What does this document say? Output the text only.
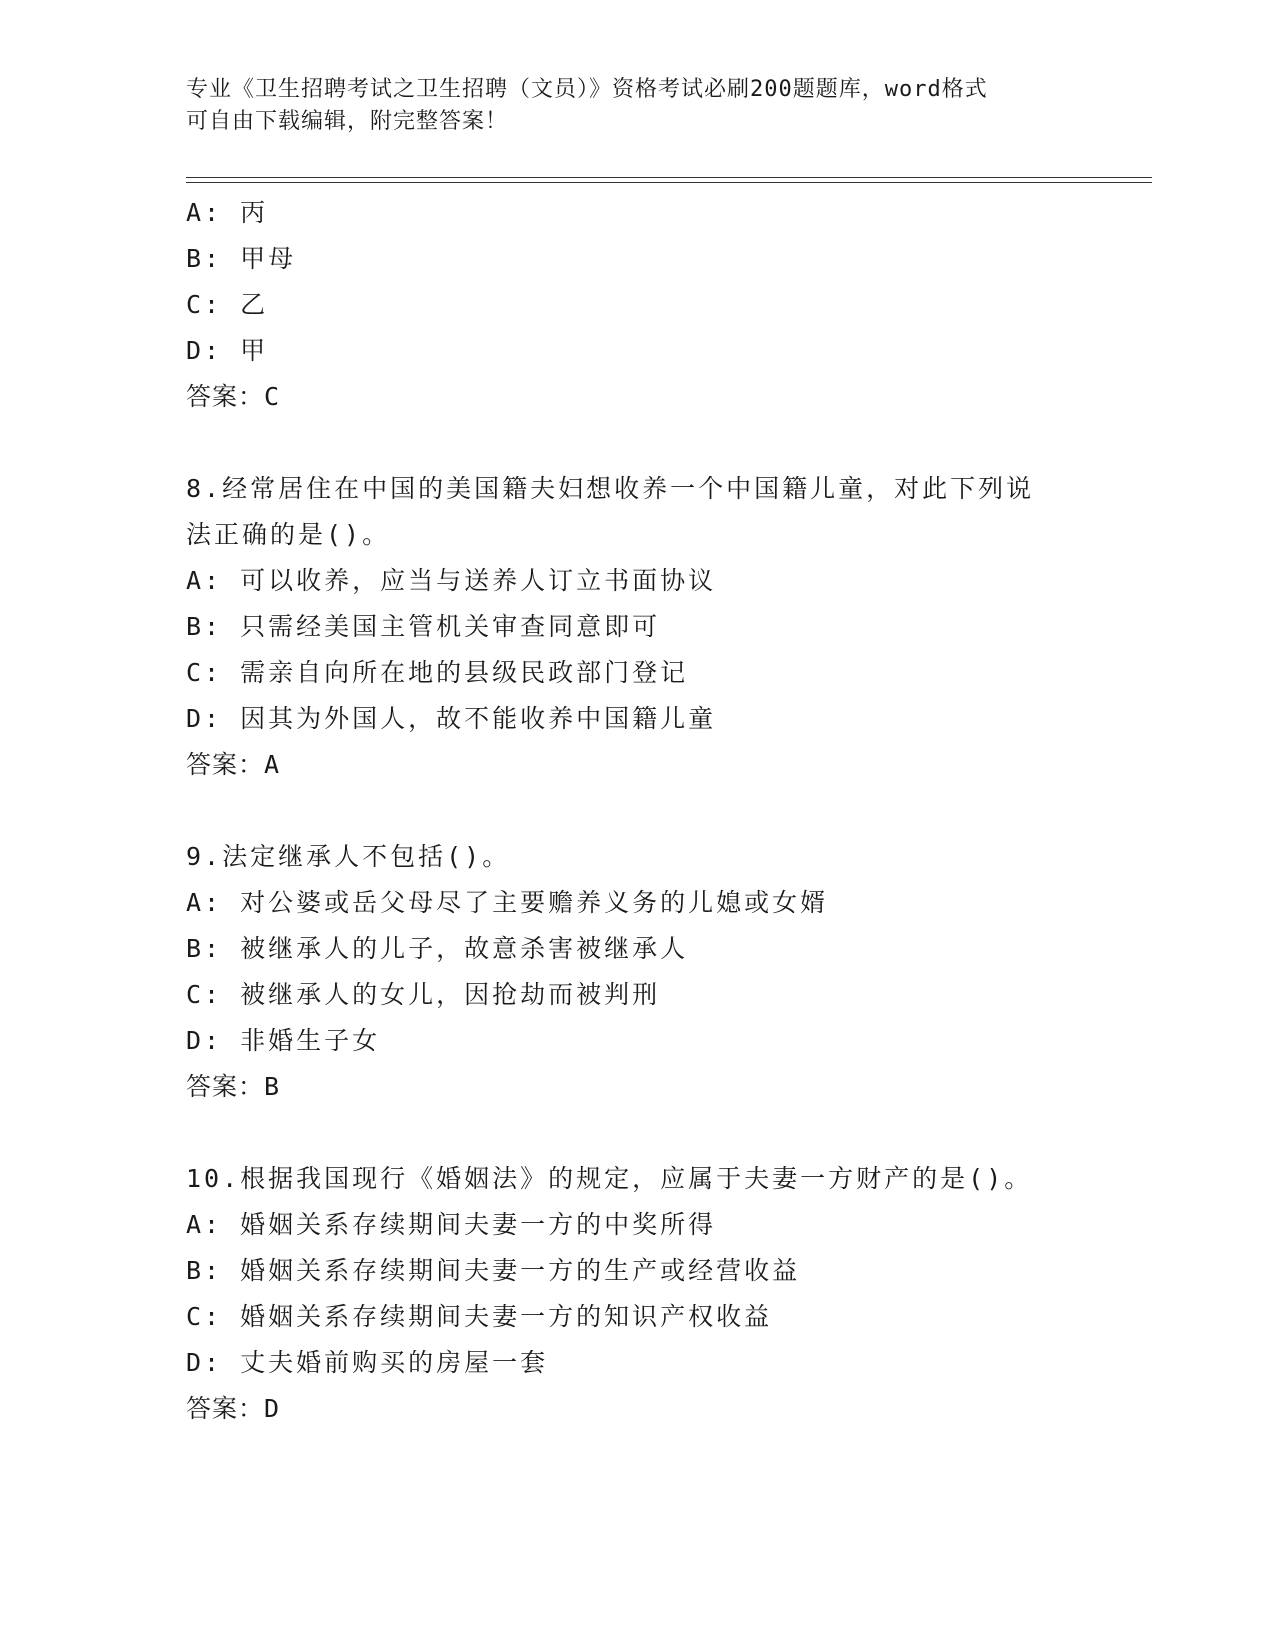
专业《卫生招聘考试之卫生招聘（文员）》资格考试必刷200题题库，word格式
可自由下载编辑，附完整答案！
A: 丙
B: 甲母
C: 乙
D: 甲
答案：C
8.经常居住在中国的美国籍夫妇想收养一个中国籍儿童，对此下列说
法正确的是()。
A: 可以收养，应当与送养人订立书面协议
B: 只需经美国主管机关审查同意即可
C: 需亲自向所在地的县级民政部门登记
D: 因其为外国人，故不能收养中国籍儿童
答案：A
9.法定继承人不包括()。
A: 对公婆或岳父母尽了主要赡养义务的儿媳或女婿
B: 被继承人的儿子，故意杀害被继承人
C: 被继承人的女儿，因抢劫而被判刑
D: 非婚生子女
答案：B
10.根据我国现行《婚姻法》的规定，应属于夫妻一方财产的是()。
A: 婚姻关系存续期间夫妻一方的中奖所得
B: 婚姻关系存续期间夫妻一方的生产或经营收益
C: 婚姻关系存续期间夫妻一方的知识产权收益
D: 丈夫婚前购买的房屋一套
答案：D
